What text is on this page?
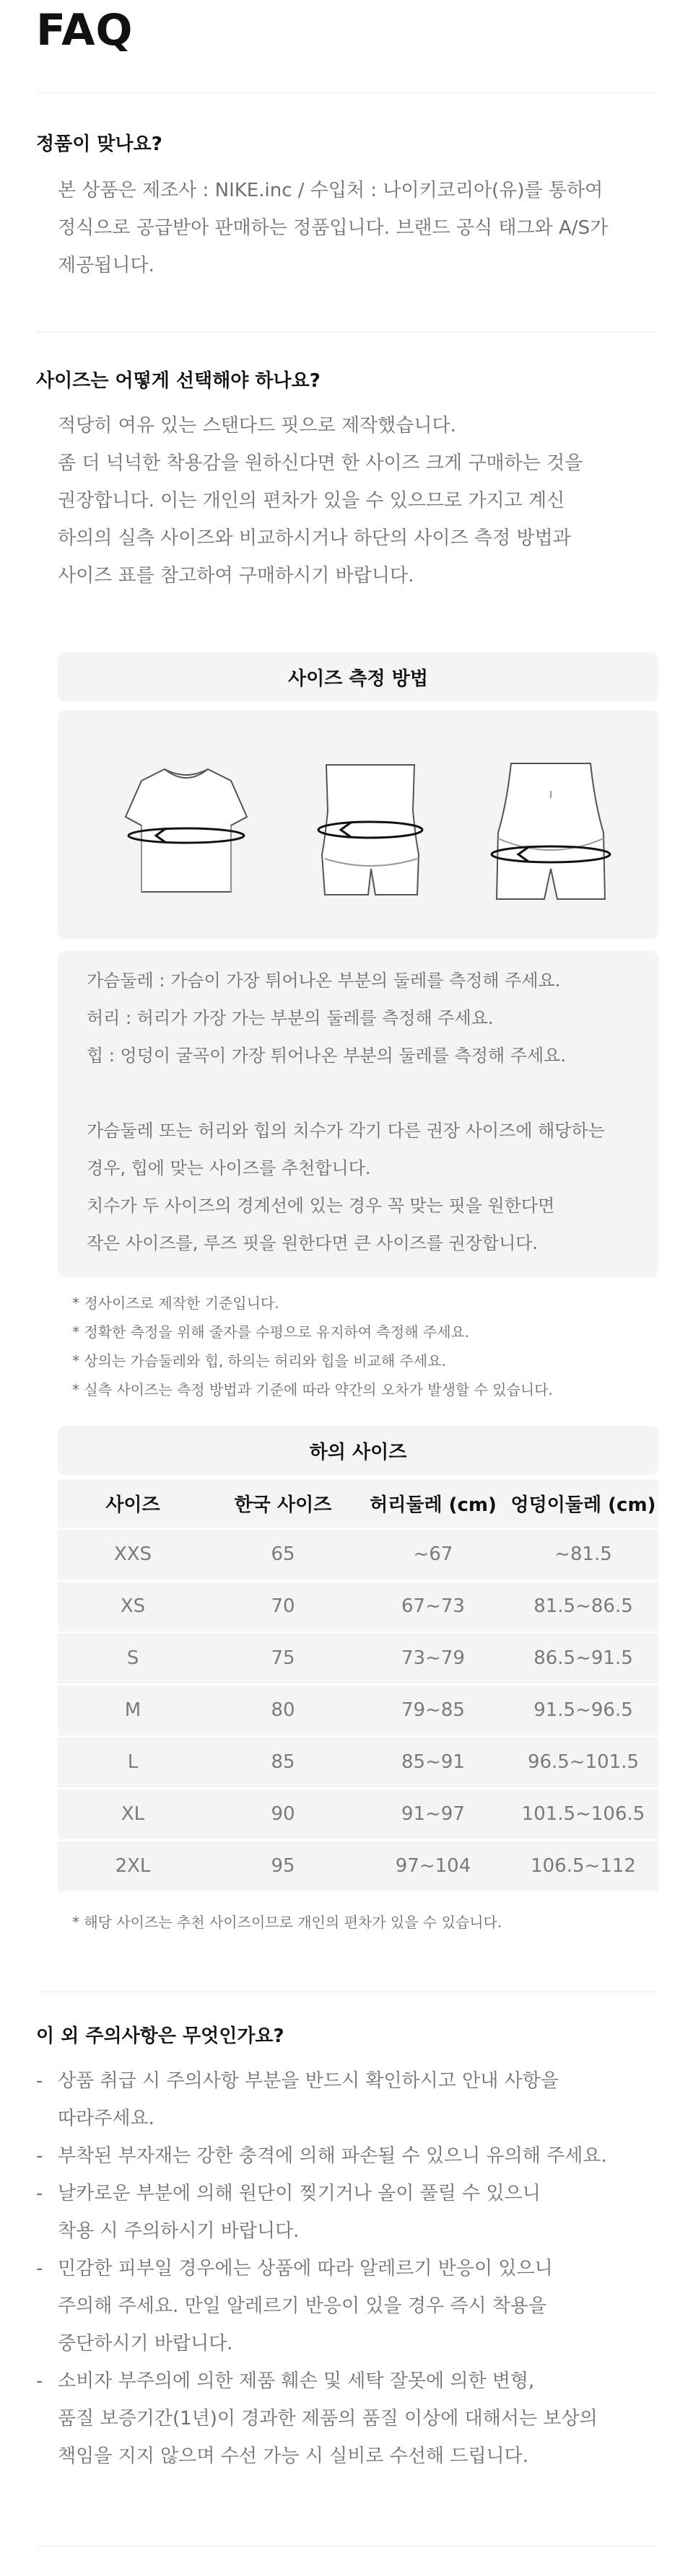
FAQ
정품이 맞나요?
본 상품은 제조사 : NIKE.inc / 수입처 : 나이키코리아(유)를 통하여
정식으로 공급받아 판매하는 정품입니다. 브랜드 공식 태그와 A/S가
제공됩니다.
사이즈는 어떻게 선택해야 하나요?
적당히 여유 있는 스탠다드 핏으로 제작했습니다.
좀 더 넉넉한 착용감을 원하신다면 한 사이즈 크게 구매하는 것을
권장합니다. 이는 개인의 편차가 있을 수 있으므로 가지고 계신
하의의 실측 사이즈와 비교하시거나 하단의 사이즈 측정 방법과
사이즈 표를 참고하여 구매하시기 바랍니다.
사이즈 측정 방법
가슴둘레 : 가슴이 가장 튀어나온 부분의 둘레를 측정해 주세요.
허리 : 허리가 가장 가는 부분의 둘레를 측정해 주세요.
힙 : 엉덩이 굴곡이 가장 튀어나온 부분의 둘레를 측정해 주세요.
가슴둘레 또는 허리와 힙의 치수가 각기 다른 권장 사이즈에 해당하는
경우, 힙에 맞는 사이즈를 추천합니다.
치수가 두 사이즈의 경계선에 있는 경우 꼭 맞는 핏을 원한다면
작은 사이즈를, 루즈 핏을 원한다면 큰 사이즈를 권장합니다.
* 정사이즈로 제작한 기준입니다.
* 정확한 측정을 위해 줄자를 수평으로 유지하여 측정해 주세요.
* 상의는 가슴둘레와 힙, 하의는 허리와 힙을 비교해 주세요.
* 실측 사이즈는 측정 방법과 기준에 따라 약간의 오차가 발생할 수 있습니다.
하의 사이즈
사이즈	한국 사이즈	허리둘레 (cm)	엉덩이둘레 (cm)
XXS	65	~67	~81.5
XS	70	67~73	81.5~86.5
S	75	73~79	86.5~91.5
M	80	79~85	91.5~96.5
L	85	85~91	96.5~101.5
XL	90	91~97	101.5~106.5
2XL	95	97~104	106.5~112
* 해당 사이즈는 추천 사이즈이므로 개인의 편차가 있을 수 있습니다.
이 외 주의사항은 무엇인가요?
- 상품 취급 시 주의사항 부분을 반드시 확인하시고 안내 사항을
따라주세요.
- 부착된 부자재는 강한 충격에 의해 파손될 수 있으니 유의해 주세요.
- 날카로운 부분에 의해 원단이 찢기거나 올이 풀릴 수 있으니
착용 시 주의하시기 바랍니다.
- 민감한 피부일 경우에는 상품에 따라 알레르기 반응이 있으니
주의해 주세요. 만일 알레르기 반응이 있을 경우 즉시 착용을
중단하시기 바랍니다.
- 소비자 부주의에 의한 제품 훼손 및 세탁 잘못에 의한 변형,
품질 보증기간(1년)이 경과한 제품의 품질 이상에 대해서는 보상의
책임을 지지 않으며 수선 가능 시 실비로 수선해 드립니다.
